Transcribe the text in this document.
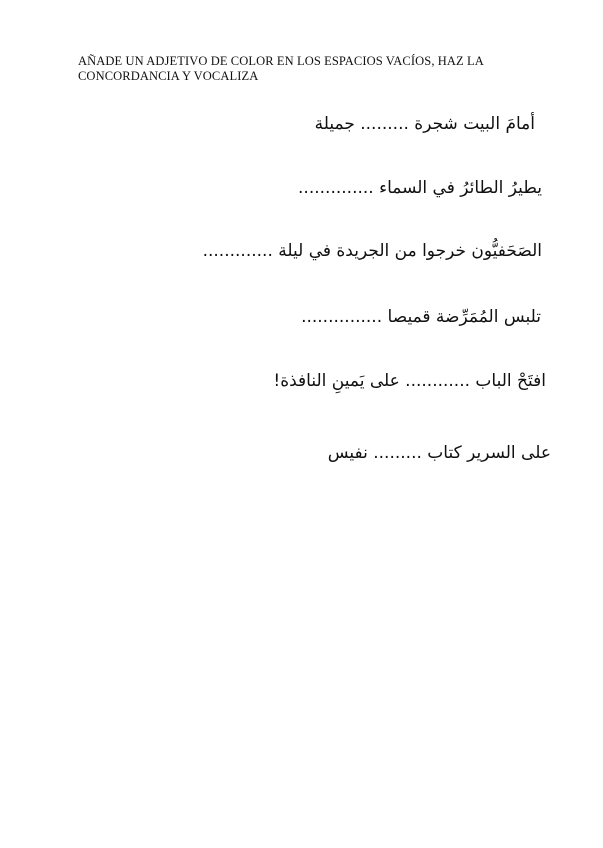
AÑADE UN ADJETIVO DE COLOR EN LOS ESPACIOS VACÍOS, HAZ LA
CONCORDANCIA Y VOCALIZA
أمامَ البيت شجرة ......... جميلة
يطيرُ الطائرُ في السماء ..............
الصَحَفيُّون خرجوا من الجريدة في ليلة .............
تلبس المُمَرِّضة قميصا ...............
افتَحْ الباب ............ على يَمينِ النافذة!
على السرير كتاب ......... نفيس
